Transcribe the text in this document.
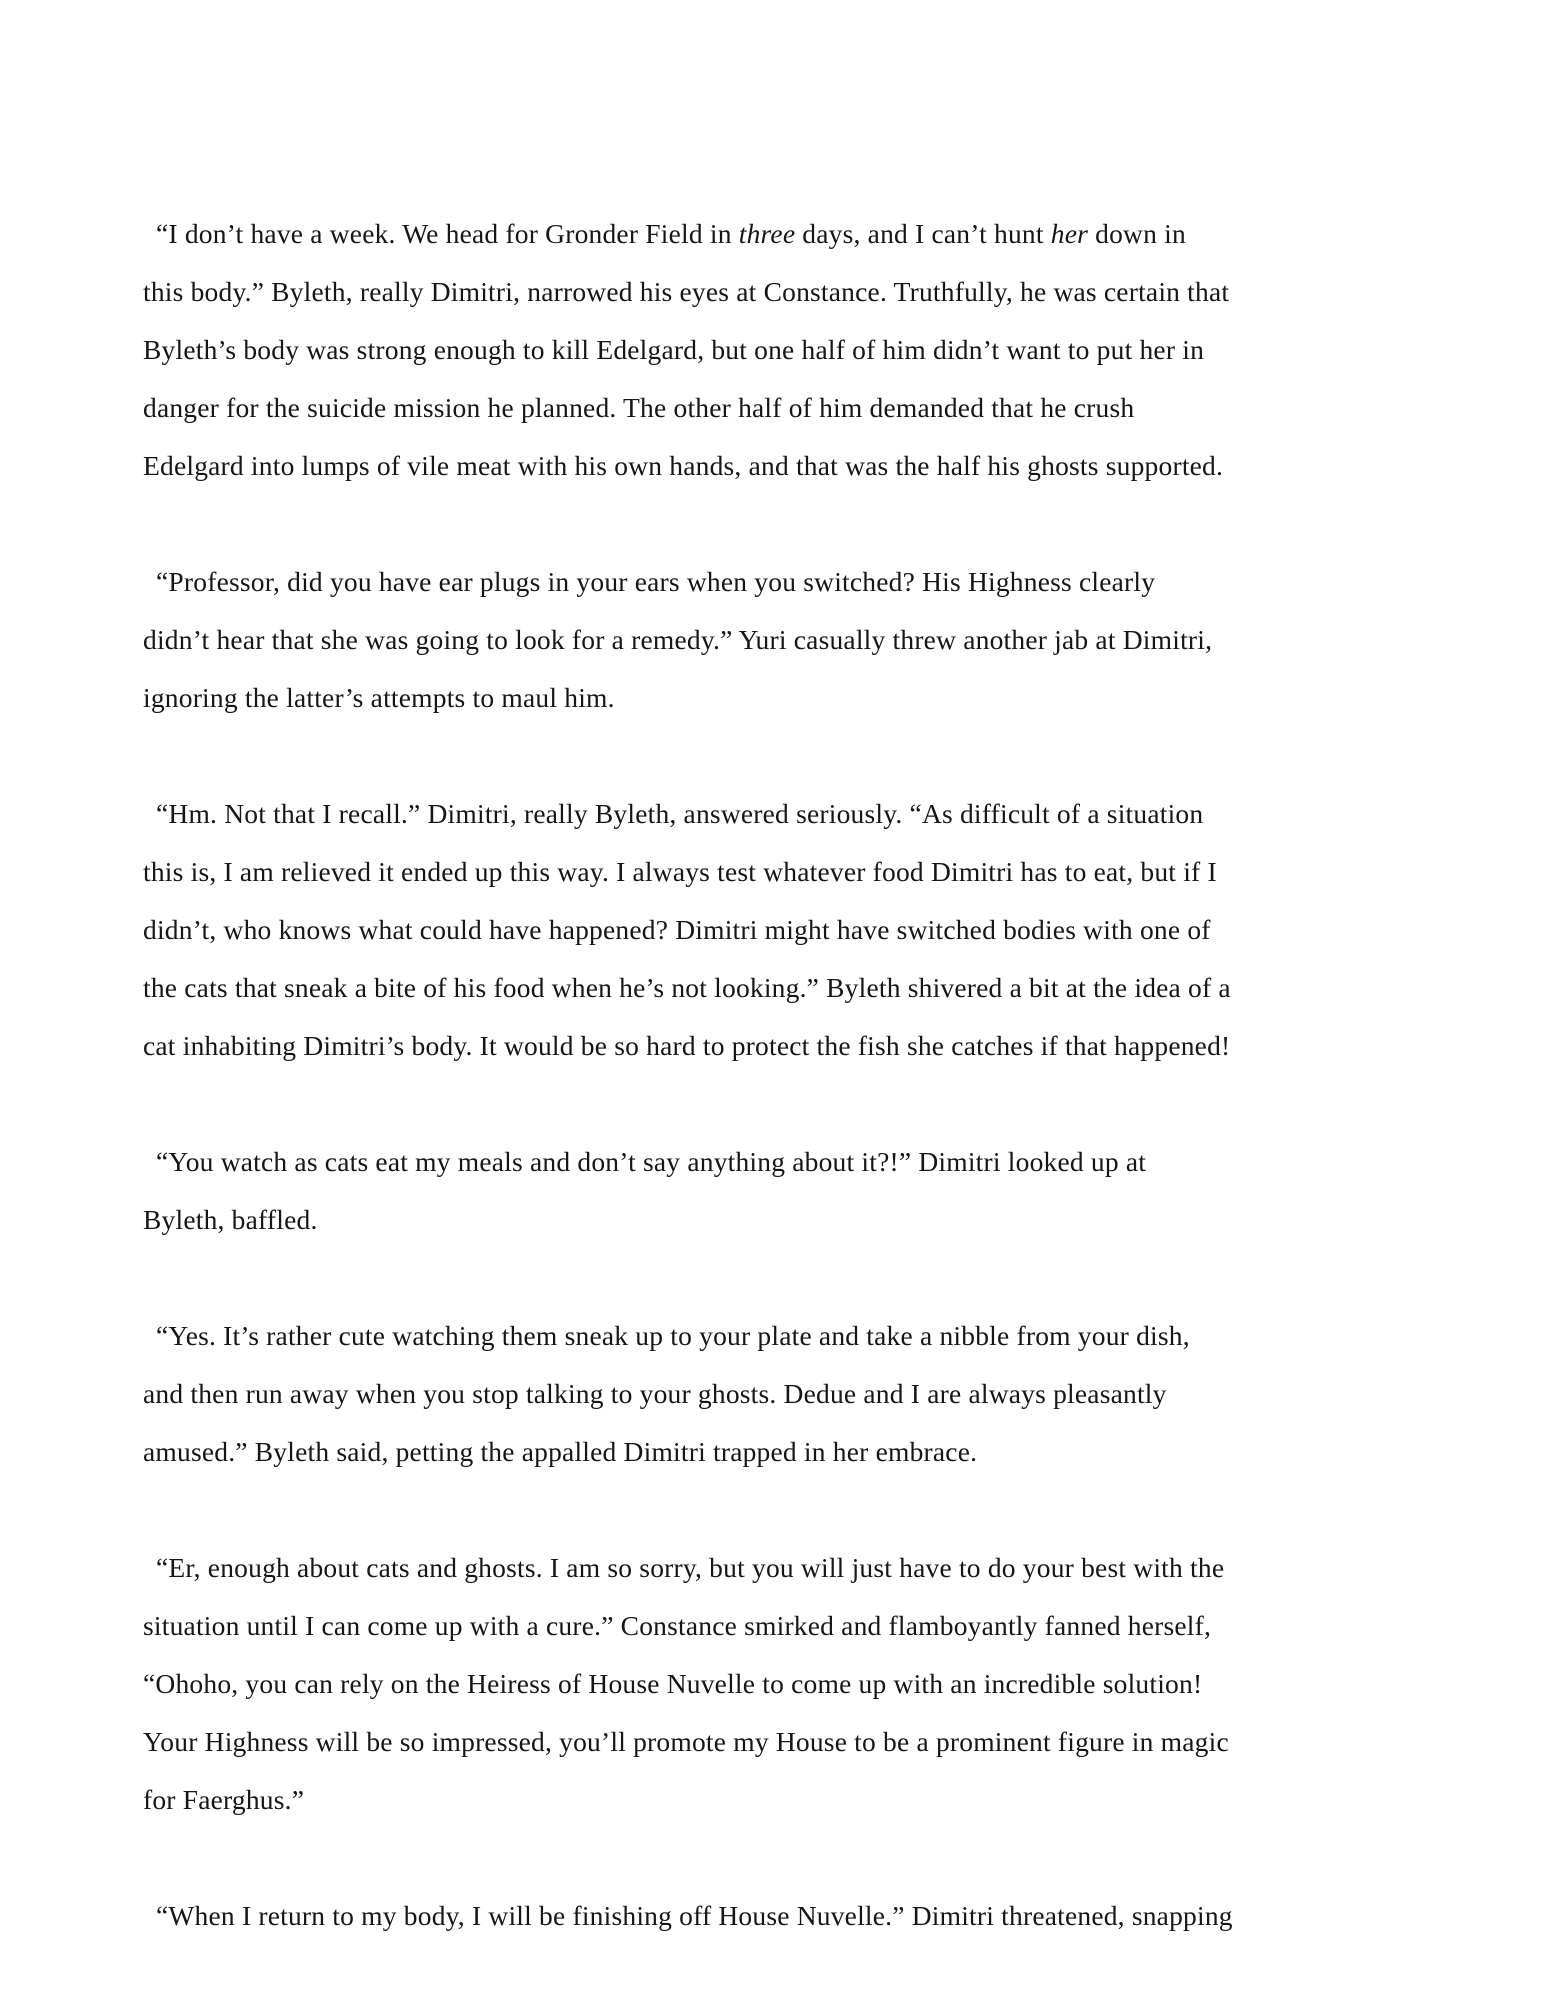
“I don’t have a week. We head for Gronder Field in three days, and I can’t hunt her down in
this body.” Byleth, really Dimitri, narrowed his eyes at Constance. Truthfully, he was certain that
Byleth’s body was strong enough to kill Edelgard, but one half of him didn’t want to put her in
danger for the suicide mission he planned. The other half of him demanded that he crush
Edelgard into lumps of vile meat with his own hands, and that was the half his ghosts supported.
“Professor, did you have ear plugs in your ears when you switched? His Highness clearly
didn’t hear that she was going to look for a remedy.” Yuri casually threw another jab at Dimitri,
ignoring the latter’s attempts to maul him.
“Hm. Not that I recall.” Dimitri, really Byleth, answered seriously. “As difficult of a situation
this is, I am relieved it ended up this way. I always test whatever food Dimitri has to eat, but if I
didn’t, who knows what could have happened? Dimitri might have switched bodies with one of
the cats that sneak a bite of his food when he’s not looking.” Byleth shivered a bit at the idea of a
cat inhabiting Dimitri’s body. It would be so hard to protect the fish she catches if that happened!
“You watch as cats eat my meals and don’t say anything about it?!” Dimitri looked up at
Byleth, baffled.
“Yes. It’s rather cute watching them sneak up to your plate and take a nibble from your dish,
and then run away when you stop talking to your ghosts. Dedue and I are always pleasantly
amused.” Byleth said, petting the appalled Dimitri trapped in her embrace.
“Er, enough about cats and ghosts. I am so sorry, but you will just have to do your best with the
situation until I can come up with a cure.” Constance smirked and flamboyantly fanned herself,
“Ohoho, you can rely on the Heiress of House Nuvelle to come up with an incredible solution!
Your Highness will be so impressed, you’ll promote my House to be a prominent figure in magic
for Faerghus.”
“When I return to my body, I will be finishing off House Nuvelle.” Dimitri threatened, snapping
